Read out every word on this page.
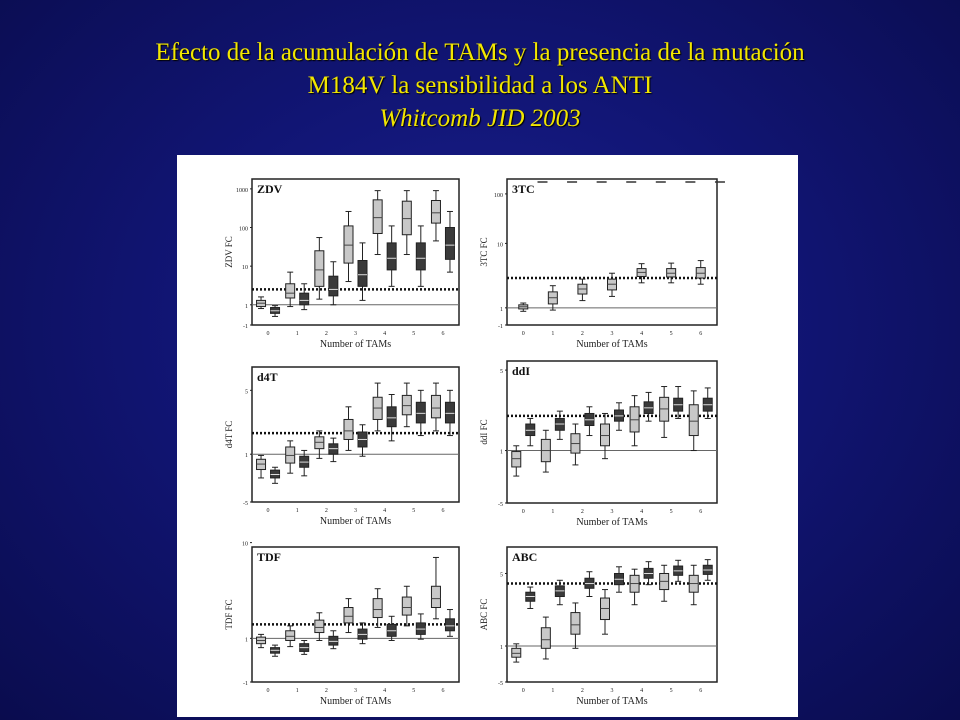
Efecto de la acumulación de TAMs y la presencia de la mutación
M184V la sensibilidad a los ANTI
Whitcomb JID 2003
ZDV
1000
100
10
1
-1
ZDV FC
0	1	2	3	4	5	6
Number of TAMs
3TC
100
10
1
-1
3TC FC
0	1	2	3	4	5	6
Number of TAMs
d4T
5
1
-5
d4T FC
0	1	2	3	4	5	6
Number of TAMs
ddI
5
1
-5
ddI FC
0	1	2	3	4	5	6
Number of TAMs
TDF
10
1
-1
TDF FC
0	1	2	3	4	5	6
Number of TAMs
ABC
5
1
-5
ABC FC
0	1	2	3	4	5	6
Number of TAMs
